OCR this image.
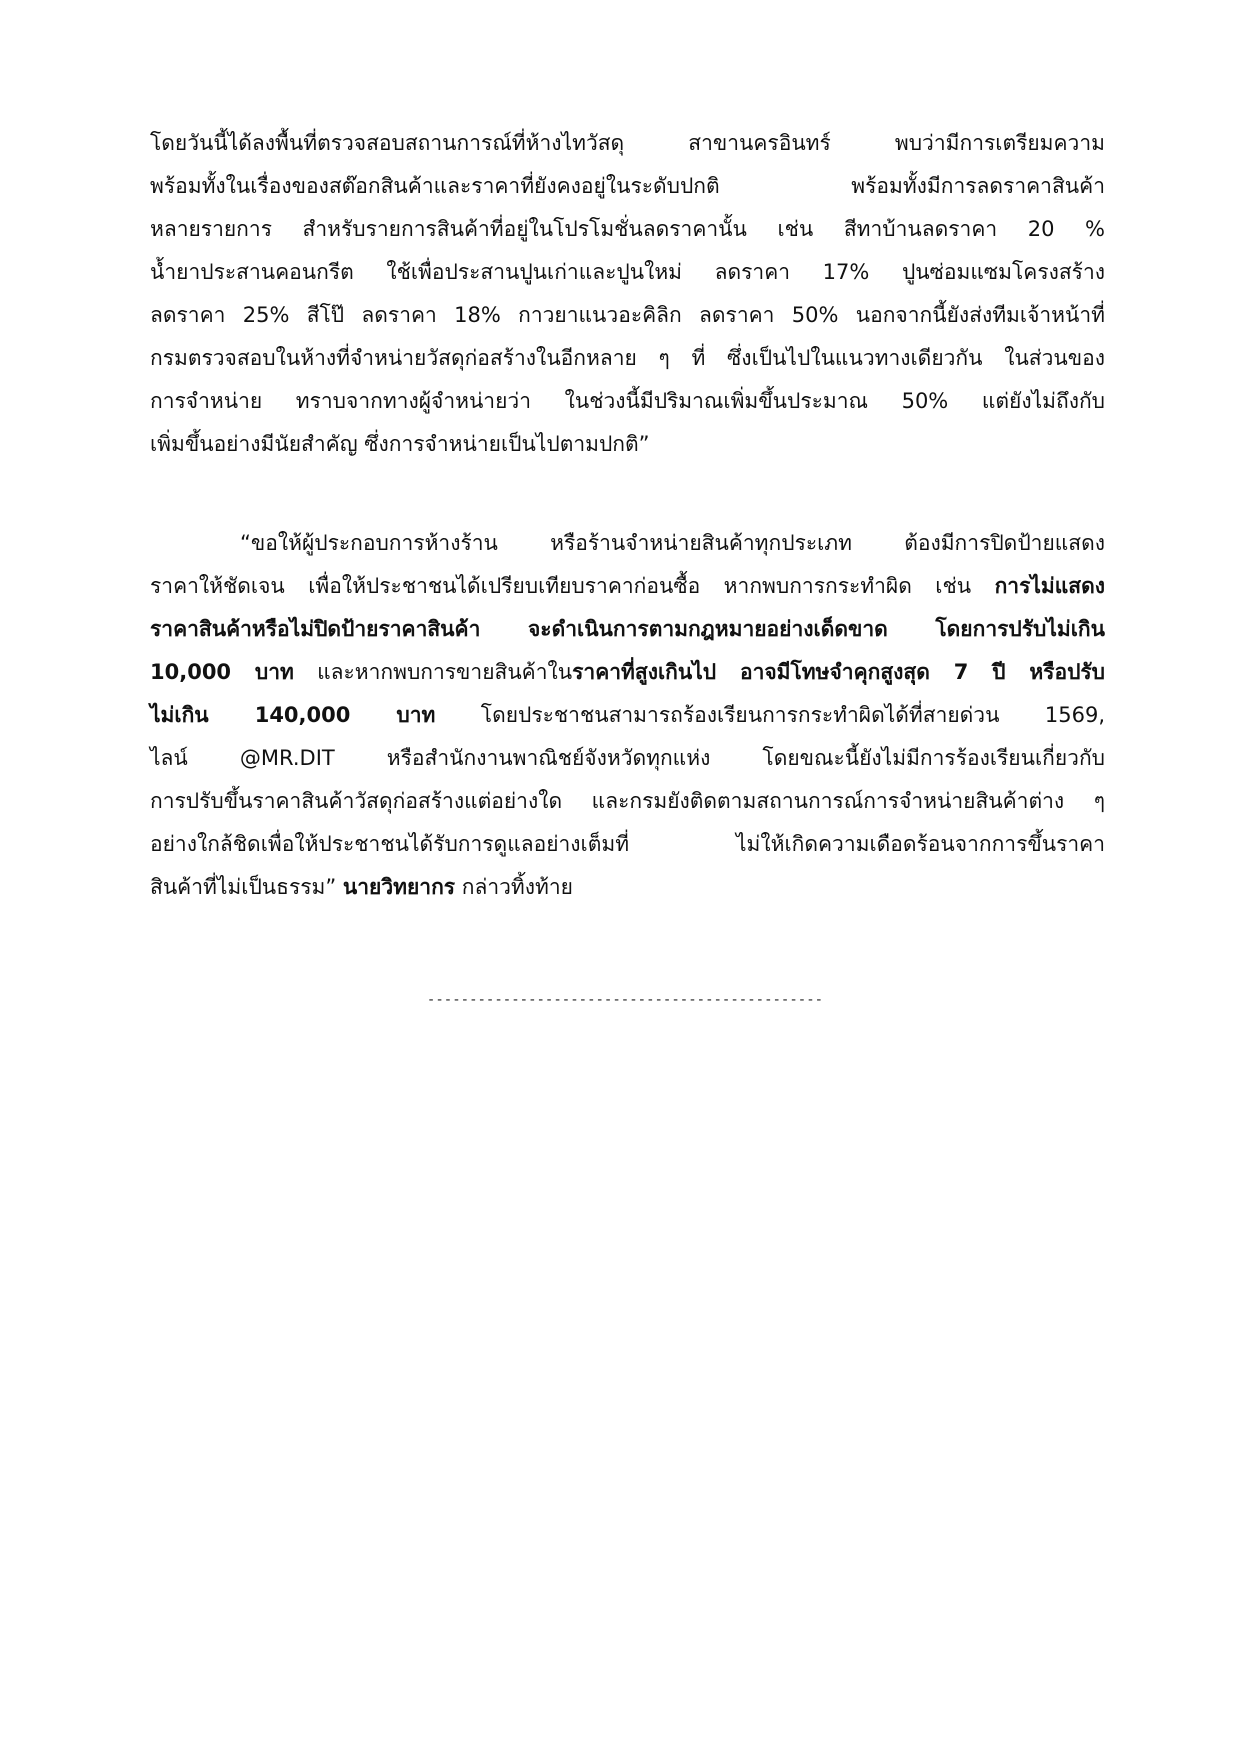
โดยวันนี้ได้ลงพื้นที่ตรวจสอบสถานการณ์ที่ห้างไทวัสดุ สาขานครอินทร์ พบว่ามีการเตรียมความ
พร้อมทั้งในเรื่องของสต๊อกสินค้าและราคาที่ยังคงอยู่ในระดับปกติ พร้อมทั้งมีการลดราคาสินค้า
หลายรายการ สำหรับรายการสินค้าที่อยู่ในโปรโมชั่นลดราคานั้น เช่น สีทาบ้านลดราคา 20 %
น้ำยาประสานคอนกรีต ใช้เพื่อประสานปูนเก่าและปูนใหม่ ลดราคา 17% ปูนซ่อมแซมโครงสร้าง
ลดราคา 25% สีโป๊ ลดราคา 18% กาวยาแนวอะคิลิก ลดราคา 50% นอกจากนี้ยังส่งทีมเจ้าหน้าที่
กรมตรวจสอบในห้างที่จำหน่ายวัสดุก่อสร้างในอีกหลาย ๆ ที่ ซึ่งเป็นไปในแนวทางเดียวกัน ในส่วนของ
การจำหน่าย ทราบจากทางผู้จำหน่ายว่า ในช่วงนี้มีปริมาณเพิ่มขึ้นประมาณ 50% แต่ยังไม่ถึงกับ
เพิ่มขึ้นอย่างมีนัยสำคัญ ซึ่งการจำหน่ายเป็นไปตามปกติ”
“ขอให้ผู้ประกอบการห้างร้าน หรือร้านจำหน่ายสินค้าทุกประเภท ต้องมีการปิดป้ายแสดง
ราคาให้ชัดเจน เพื่อให้ประชาชนได้เปรียบเทียบราคาก่อนซื้อ หากพบการกระทำผิด เช่น การไม่แสดง
ราคาสินค้าหรือไม่ปิดป้ายราคาสินค้า จะดำเนินการตามกฎหมายอย่างเด็ดขาด โดยการปรับไม่เกิน
10,000 บาท และหากพบการขายสินค้าในราคาที่สูงเกินไป อาจมีโทษจำคุกสูงสุด 7 ปี หรือปรับ
ไม่เกิน 140,000 บาท โดยประชาชนสามารถร้องเรียนการกระทำผิดได้ที่สายด่วน 1569,
ไลน์ @MR.DIT หรือสำนักงานพาณิชย์จังหวัดทุกแห่ง โดยขณะนี้ยังไม่มีการร้องเรียนเกี่ยวกับ
การปรับขึ้นราคาสินค้าวัสดุก่อสร้างแต่อย่างใด และกรมยังติดตามสถานการณ์การจำหน่ายสินค้าต่าง ๆ
อย่างใกล้ชิดเพื่อให้ประชาชนได้รับการดูแลอย่างเต็มที่ ไม่ให้เกิดความเดือดร้อนจากการขึ้นราคา
สินค้าที่ไม่เป็นธรรม” นายวิทยากร กล่าวทิ้งท้าย
-----------------------------------------------
